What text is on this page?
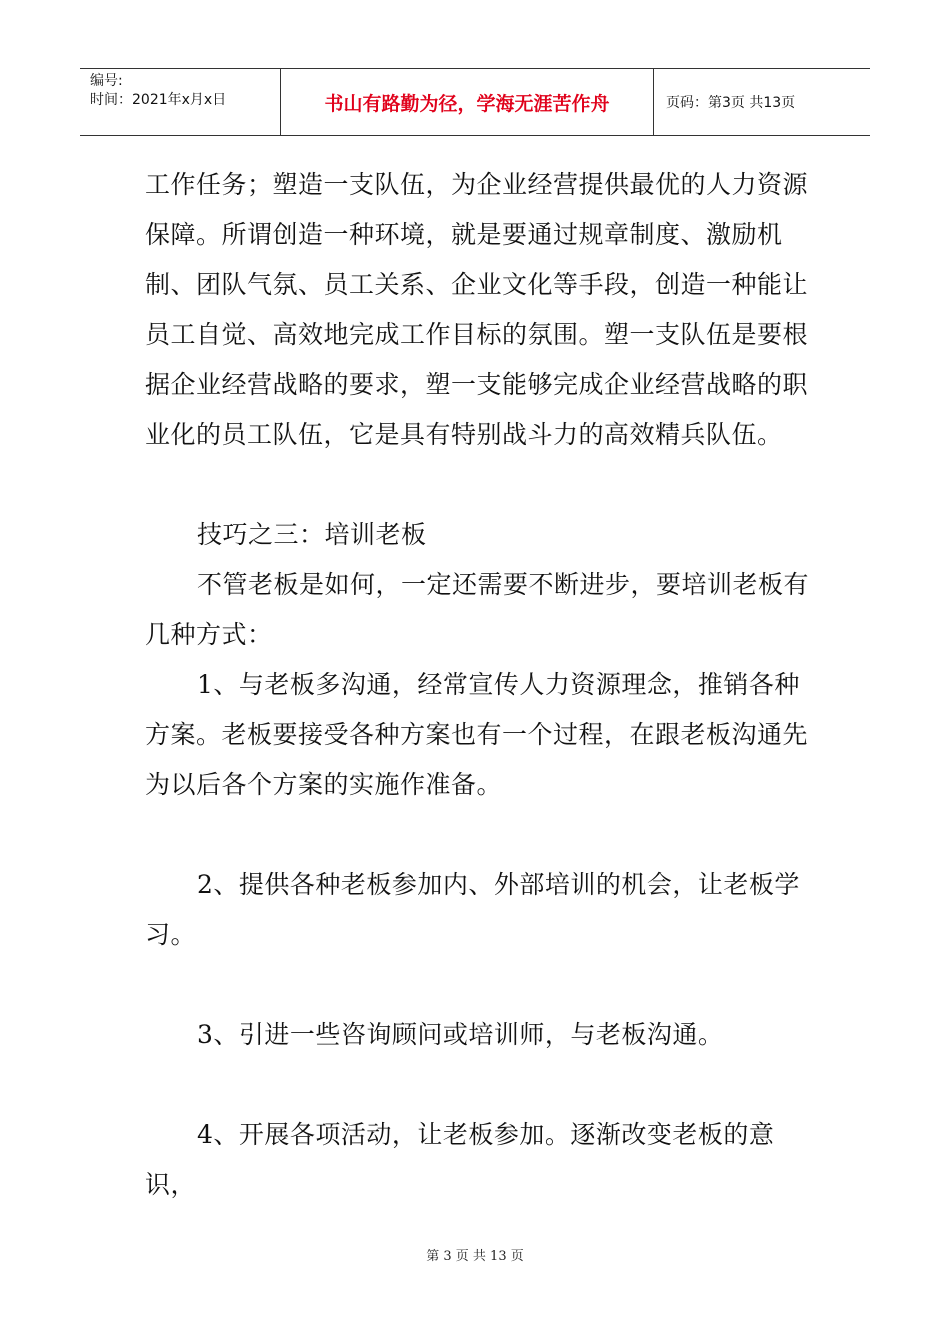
编号:
时间：2021年x月x日	书山有路勤为径，学海无涯苦作舟	页码：第3页 共13页

工作任务；塑造一支队伍，为企业经营提供最优的人力资源保障。所谓创造一种环境，就是要通过规章制度、激励机制、团队气氛、员工关系、企业文化等手段，创造一种能让员工自觉、高效地完成工作目标的氛围。塑一支队伍是要根据企业经营战略的要求，塑一支能够完成企业经营战略的职业化的员工队伍，它是具有特别战斗力的高效精兵队伍。

技巧之三：培训老板

不管老板是如何，一定还需要不断进步，要培训老板有几种方式：

1、与老板多沟通，经常宣传人力资源理念，推销各种方案。老板要接受各种方案也有一个过程，在跟老板沟通先为以后各个方案的实施作准备。

2、提供各种老板参加内、外部培训的机会，让老板学习。

3、引进一些咨询顾问或培训师，与老板沟通。

4、开展各项活动，让老板参加。逐渐改变老板的意识，

第 3 页 共 13 页
